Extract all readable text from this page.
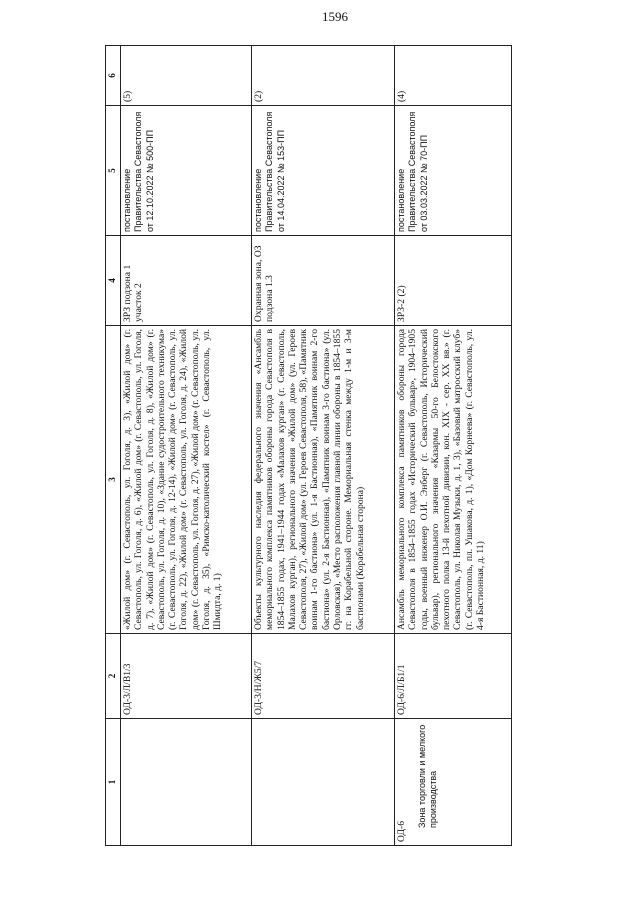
1596
1	2	3	4	5	6
	ОД-3/Л/В1/3	«Жилой дом» (г. Севастополь, ул. Гоголя, д. 3), «Жилой дом» (г. Севастополь, ул. Гоголя, д. 6), «Жилой дом» (г. Севастополь, ул. Гоголя, д. 7), «Жилой дом» (г. Севастополь, ул. Гоголя, д. 8), «Жилой дом» (г. Севастополь, ул. Гоголя, д. 10), «Здание судостроительного техникума» (г. Севастополь, ул. Гоголя, д. 12-14), «Жилой дом» (г. Севастополь, ул. Гоголя, д. 22), «Жилой дом» (г. Севастополь, ул. Гоголя, д. 24), «Жилой дом» (г. Севастополь, ул. Гоголя, д. 27), «Жилой дом» (г. Севастополь, ул. Гоголя, д. 35), «Римско-католический костел» (г. Севастополь, ул. Шмидта, д. 1)	ЗРЗ подзона 1 участок 2	постановление Правительства Севастополя от 12.10.2022 № 500-ПП	(5)
	ОД-3/Н/Ж5/7	Объекты культурного наследия федерального значения «Ансамбль мемориального комплекса памятников обороны города Севастополя в 1854–1855 годах, 1941–1944 годах «Малахов курган» (г. Севастополь, Малахов курган), регионального значения «Жилой дом» (ул. Героев Севастополя, 27), «Жилой дом» (ул. Героев Севастополя, 58), «Памятник воинам 1-го бастиона» (ул. 1-я Бастионная), «Памятник воинам 2-го бастиона» (ул. 2-я Бастионная), «Памятник воинам 3-го бастиона» (ул. Орловская), «Место расположения главной линии обороны в 1854–1855 гг. на Корабельной стороне. Мемориальная стенка между 1-м и 3-м бастионами (Корабельная сторона)	Охранная зона, ОЗ подзона 1.3	постановление Правительства Севастополя от 14.04.2022 № 153-ПП	(2)
ОД-6
Зона торговли и мелкого производства	ОД-6/Л/Б1/1	Ансамбль мемориального комплекса памятников обороны города Севастополя в 1854–1855 годах «Исторический бульвар», 1904–1905 годы, военный инженер О.И. Энберг (г. Севастополь, Исторический бульвар), регионального значения «Казармы 50-го Белостокского пехотного полка 13-й пехотной дивизии, кон. XIX - сер. XX вв.» (г. Севастополь, ул. Николая Музыки, д. 1, 3), «Базовый матросский клуб» (г. Севастополь, пл. Ушакова, д. 1), «Дом Корнеева» (г. Севастополь, ул. 4-я Бастионная, д. 11)	ЗРЗ-2 (2)	постановление Правительства Севастополя от 03.03.2022 № 70-ПП	(4)
